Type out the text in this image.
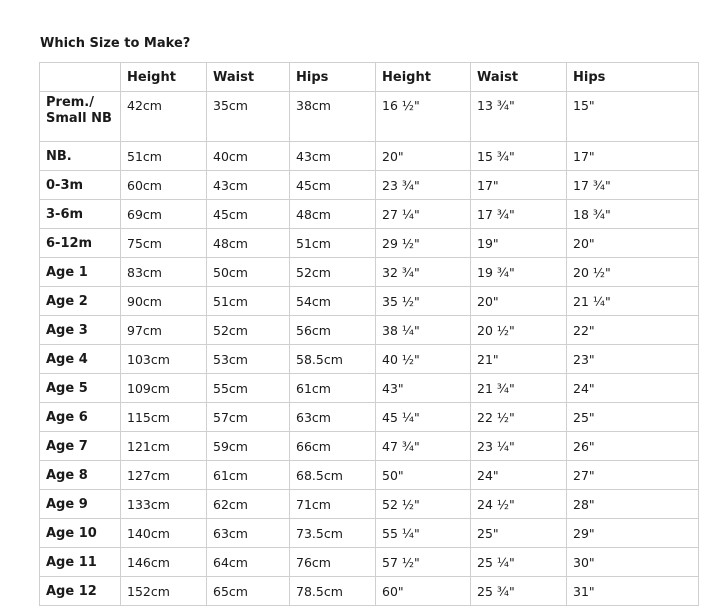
Which Size to Make?
	Height	Waist	Hips	Height	Waist	Hips
Prem./ Small NB	42cm	35cm	38cm	16 ½"	13 ¾"	15"
NB.	51cm	40cm	43cm	20"	15 ¾"	17"
0-3m	60cm	43cm	45cm	23 ¾"	17"	17 ¾"
3-6m	69cm	45cm	48cm	27 ¼"	17 ¾"	18 ¾"
6-12m	75cm	48cm	51cm	29 ½"	19"	20"
Age 1	83cm	50cm	52cm	32 ¾"	19 ¾"	20 ½"
Age 2	90cm	51cm	54cm	35 ½"	20"	21 ¼"
Age 3	97cm	52cm	56cm	38 ¼"	20 ½"	22"
Age 4	103cm	53cm	58.5cm	40 ½"	21"	23"
Age 5	109cm	55cm	61cm	43"	21 ¾"	24"
Age 6	115cm	57cm	63cm	45 ¼"	22 ½"	25"
Age 7	121cm	59cm	66cm	47 ¾"	23 ¼"	26"
Age 8	127cm	61cm	68.5cm	50"	24"	27"
Age 9	133cm	62cm	71cm	52 ½"	24 ½"	28"
Age 10	140cm	63cm	73.5cm	55 ¼"	25"	29"
Age 11	146cm	64cm	76cm	57 ½"	25 ¼"	30"
Age 12	152cm	65cm	78.5cm	60"	25 ¾"	31"
